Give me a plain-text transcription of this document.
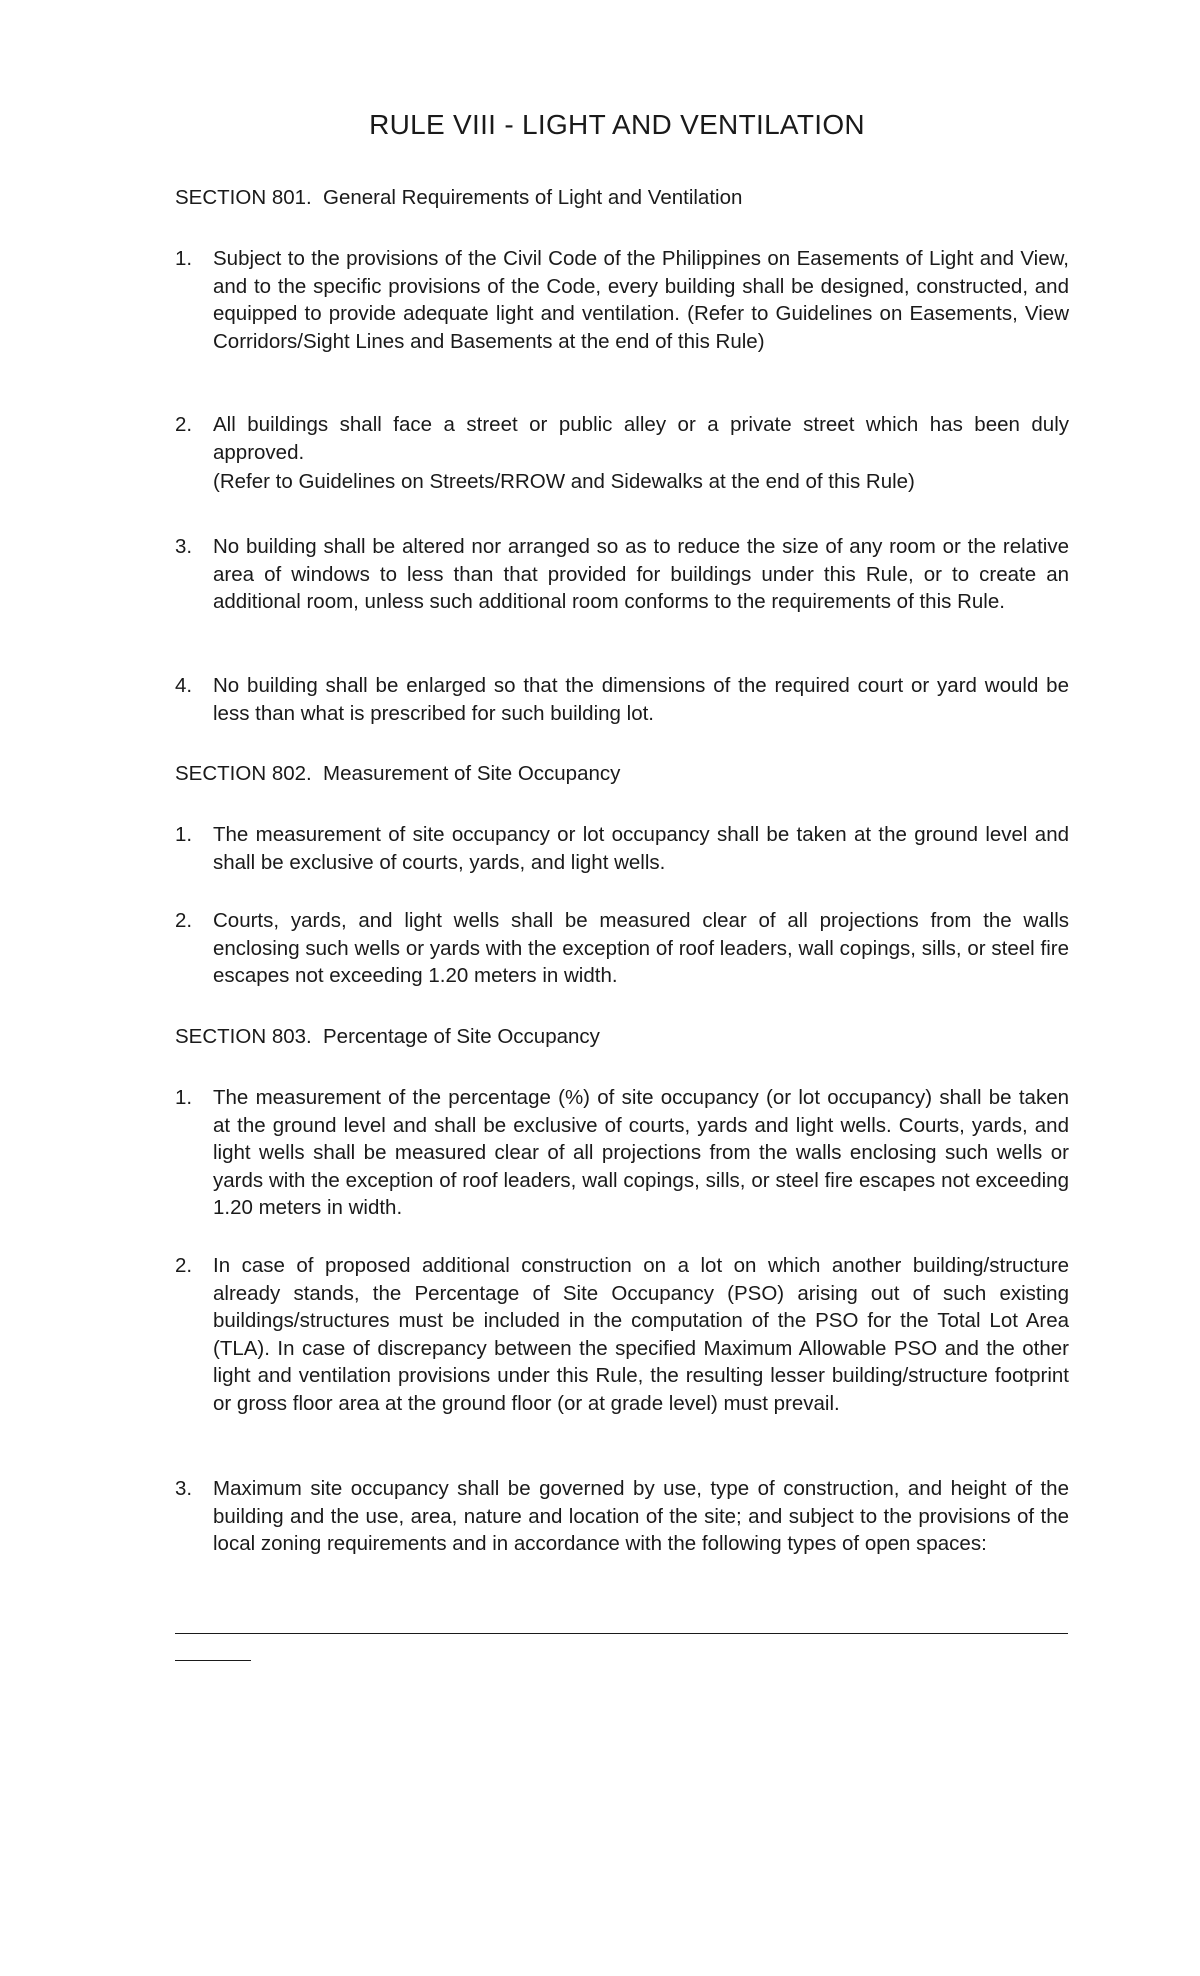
RULE VIII - LIGHT AND VENTILATION
SECTION 801. General Requirements of Light and Ventilation
1. Subject to the provisions of the Civil Code of the Philippines on Easements of Light and View, and to the specific provisions of the Code, every building shall be designed, constructed, and equipped to provide adequate light and ventilation. (Refer to Guidelines on Easements, View Corridors/Sight Lines and Basements at the end of this Rule)

2. All buildings shall face a street or public alley or a private street which has been duly approved.

(Refer to Guidelines on Streets/RROW and Sidewalks at the end of this Rule)

3. No building shall be altered nor arranged so as to reduce the size of any room or the relative area of windows to less than that provided for buildings under this Rule, or to create an additional room, unless such additional room conforms to the requirements of this Rule.

4. No building shall be enlarged so that the dimensions of the required court or yard would be less than what is prescribed for such building lot.

SECTION 802. Measurement of Site Occupancy
1. The measurement of site occupancy or lot occupancy shall be taken at the ground level and shall be exclusive of courts, yards, and light wells.

2. Courts, yards, and light wells shall be measured clear of all projections from the walls enclosing such wells or yards with the exception of roof leaders, wall copings, sills, or steel fire escapes not exceeding 1.20 meters in width.

SECTION 803. Percentage of Site Occupancy
1. The measurement of the percentage (%) of site occupancy (or lot occupancy) shall be taken at the ground level and shall be exclusive of courts, yards and light wells. Courts, yards, and light wells shall be measured clear of all projections from the walls enclosing such wells or yards with the exception of roof leaders, wall copings, sills, or steel fire escapes not exceeding 1.20 meters in width.

2. In case of proposed additional construction on a lot on which another building/structure already stands, the Percentage of Site Occupancy (PSO) arising out of such existing buildings/structures must be included in the computation of the PSO for the Total Lot Area (TLA). In case of discrepancy between the specified Maximum Allowable PSO and the other light and ventilation provisions under this Rule, the resulting lesser building/structure footprint or gross floor area at the ground floor (or at grade level) must prevail.

3. Maximum site occupancy shall be governed by use, type of construction, and height of the building and the use, area, nature and location of the site; and subject to the provisions of the local zoning requirements and in accordance with the following types of open spaces:
